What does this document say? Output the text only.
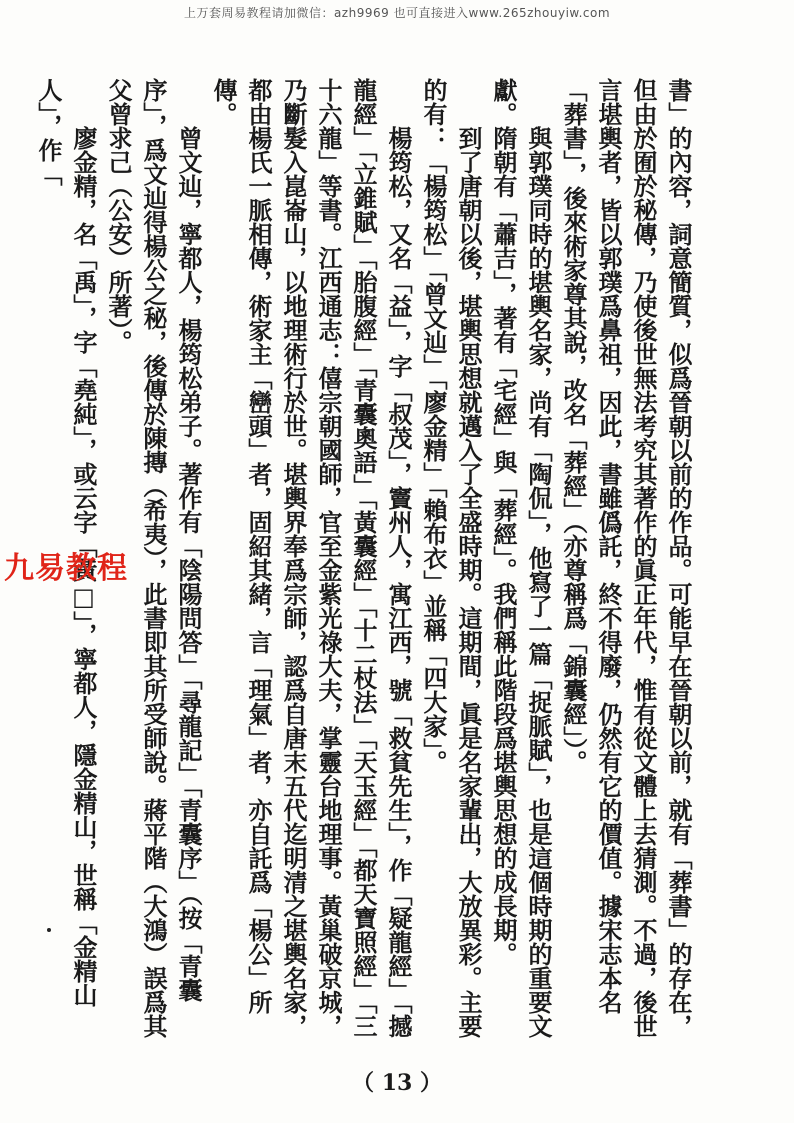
上万套周易教程请加微信：azh9969 也可直接进入www.265zhouyiw.com

書」的內容，詞意簡質，似爲晉朝以前的作品。可能早在晉朝以前，就有「葬書」的存在，但由於囿於秘傳，乃使後世無法考究其著作的眞正年代，惟有從文體上去猜測。不過，後世言堪輿者，皆以郭璞爲鼻祖，因此，書雖僞託，終不得廢，仍然有它的價值。據宋志本名「葬書」，後來術家尊其說，改名「葬經」（亦尊稱爲「錦囊經」）。

與郭璞同時的堪輿名家，尚有「陶侃」，他寫了一篇「捉脈賦」，也是這個時期的重要文獻。隋朝有「蕭吉」，著有「宅經」與「葬經」。我們稱此階段爲堪輿思想的成長期。

到了唐朝以後，堪輿思想就邁入了全盛時期。這期間，眞是名家輩出，大放異彩。主要的有：「楊筠松」「曾文辿」「廖金精」「賴布衣」並稱「四大家」。

楊筠松，又名「益」，字「叔茂」，竇州人，寓江西，號「救貧先生」，作「疑龍經」「撼龍經」「立錐賦」「胎腹經」「青囊奧語」「黃囊經」「十二杖法」「天玉經」「都天寶照經」「三十六龍」等書。江西通志：僖宗朝國師，官至金紫光祿大夫，掌靈台地理事。黃巢破京城，乃斷髮入崑崙山，以地理術行於世。堪輿界奉爲宗師，認爲自唐末五代迄明清之堪輿名家，都由楊氏一脈相傳，術家主「巒頭」者，固紹其緒，言「理氣」者，亦自託爲「楊公」所傳。

曾文辿，寧都人，楊筠松弟子。著作有「陰陽問答」「尋龍記」「青囊序」（按「青囊序」，爲文辿得楊公之秘，後傳於陳摶（希夷），此書即其所受師說。蔣平階（大鴻）誤爲其父曾求己（公安）所著）。

廖金精，名「禹」，字「堯純」，或云字「黃□」，寧都人，隱金精山，世稱「金精山人」，作「

九易教程
（ 13 ）
